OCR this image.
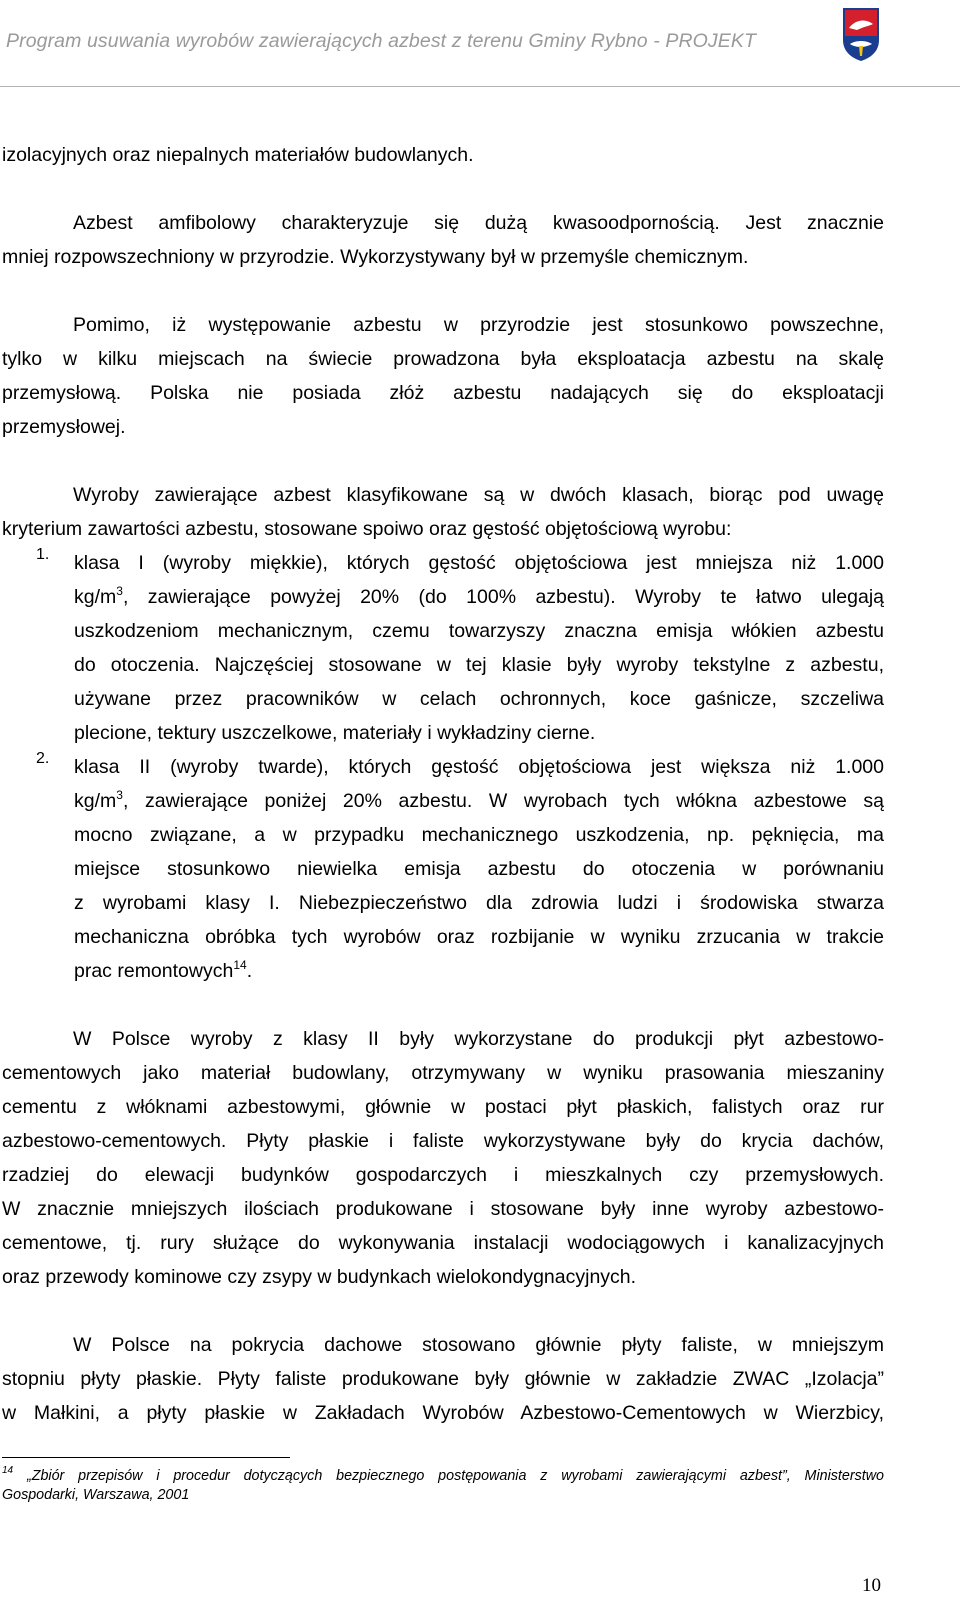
Program usuwania wyrobów zawierających azbest z terenu Gminy Rybno - PROJEKT
izolacyjnych oraz niepalnych materiałów budowlanych.
Azbest amfibolowy charakteryzuje się dużą kwasoodpornością. Jest znacznie
mniej rozpowszechniony w przyrodzie. Wykorzystywany był w przemyśle chemicznym.
Pomimo, iż występowanie azbestu w przyrodzie jest stosunkowo powszechne,
tylko w kilku miejscach na świecie prowadzona była eksploatacja azbestu na skalę
przemysłową. Polska nie posiada złóż azbestu nadających się do eksploatacji
przemysłowej.
Wyroby zawierające azbest klasyfikowane są w dwóch klasach, biorąc pod uwagę
kryterium zawartości azbestu, stosowane spoiwo oraz gęstość objętościową wyrobu:
1. klasa I (wyroby miękkie), których gęstość objętościowa jest mniejsza niż 1.000
$kg/m^3$, zawierające powyżej 20% (do 100% azbestu). Wyroby te łatwo ulegają
uszkodzeniom mechanicznym, czemu towarzyszy znaczna emisja włókien azbestu
do otoczenia. Najczęściej stosowane w tej klasie były wyroby tekstylne z azbestu,
używane przez pracowników w celach ochronnych, koce gaśnicze, szczeliwa
plecione, tektury uszczelkowe, materiały i wykładziny cierne.
2. klasa II (wyroby twarde), których gęstość objętościowa jest większa niż 1.000
$kg/m^3$, zawierające poniżej 20% azbestu. W wyrobach tych włókna azbestowe są
mocno związane, a w przypadku mechanicznego uszkodzenia, np. pęknięcia, ma
miejsce stosunkowo niewielka emisja azbestu do otoczenia w porównaniu
z wyrobami klasy I. Niebezpieczeństwo dla zdrowia ludzi i środowiska stwarza
mechaniczna obróbka tych wyrobów oraz rozbijanie w wyniku zrzucania w trakcie
prac remontowych$^{14}$.
W Polsce wyroby z klasy II były wykorzystane do produkcji płyt azbestowo-
cementowych jako materiał budowlany, otrzymywany w wyniku prasowania mieszaniny
cementu z włóknami azbestowymi, głównie w postaci płyt płaskich, falistych oraz rur
azbestowo-cementowych. Płyty płaskie i faliste wykorzystywane były do krycia dachów,
rzadziej do elewacji budynków gospodarczych i mieszkalnych czy przemysłowych.
W znacznie mniejszych ilościach produkowane i stosowane były inne wyroby azbestowo-
cementowe, tj. rury służące do wykonywania instalacji wodociągowych i kanalizacyjnych
oraz przewody kominowe czy zsypy w budynkach wielokondygnacyjnych.
W Polsce na pokrycia dachowe stosowano głównie płyty faliste, w mniejszym
stopniu płyty płaskie. Płyty faliste produkowane były głównie w zakładzie ZWAC „Izolacja”
w Małkini, a płyty płaskie w Zakładach Wyrobów Azbestowo-Cementowych w Wierzbicy,
$^{14}$ „Zbiór przepisów i procedur dotyczących bezpiecznego postępowania z wyrobami zawierającymi azbest”, Ministerstwo
Gospodarki, Warszawa, 2001
10
